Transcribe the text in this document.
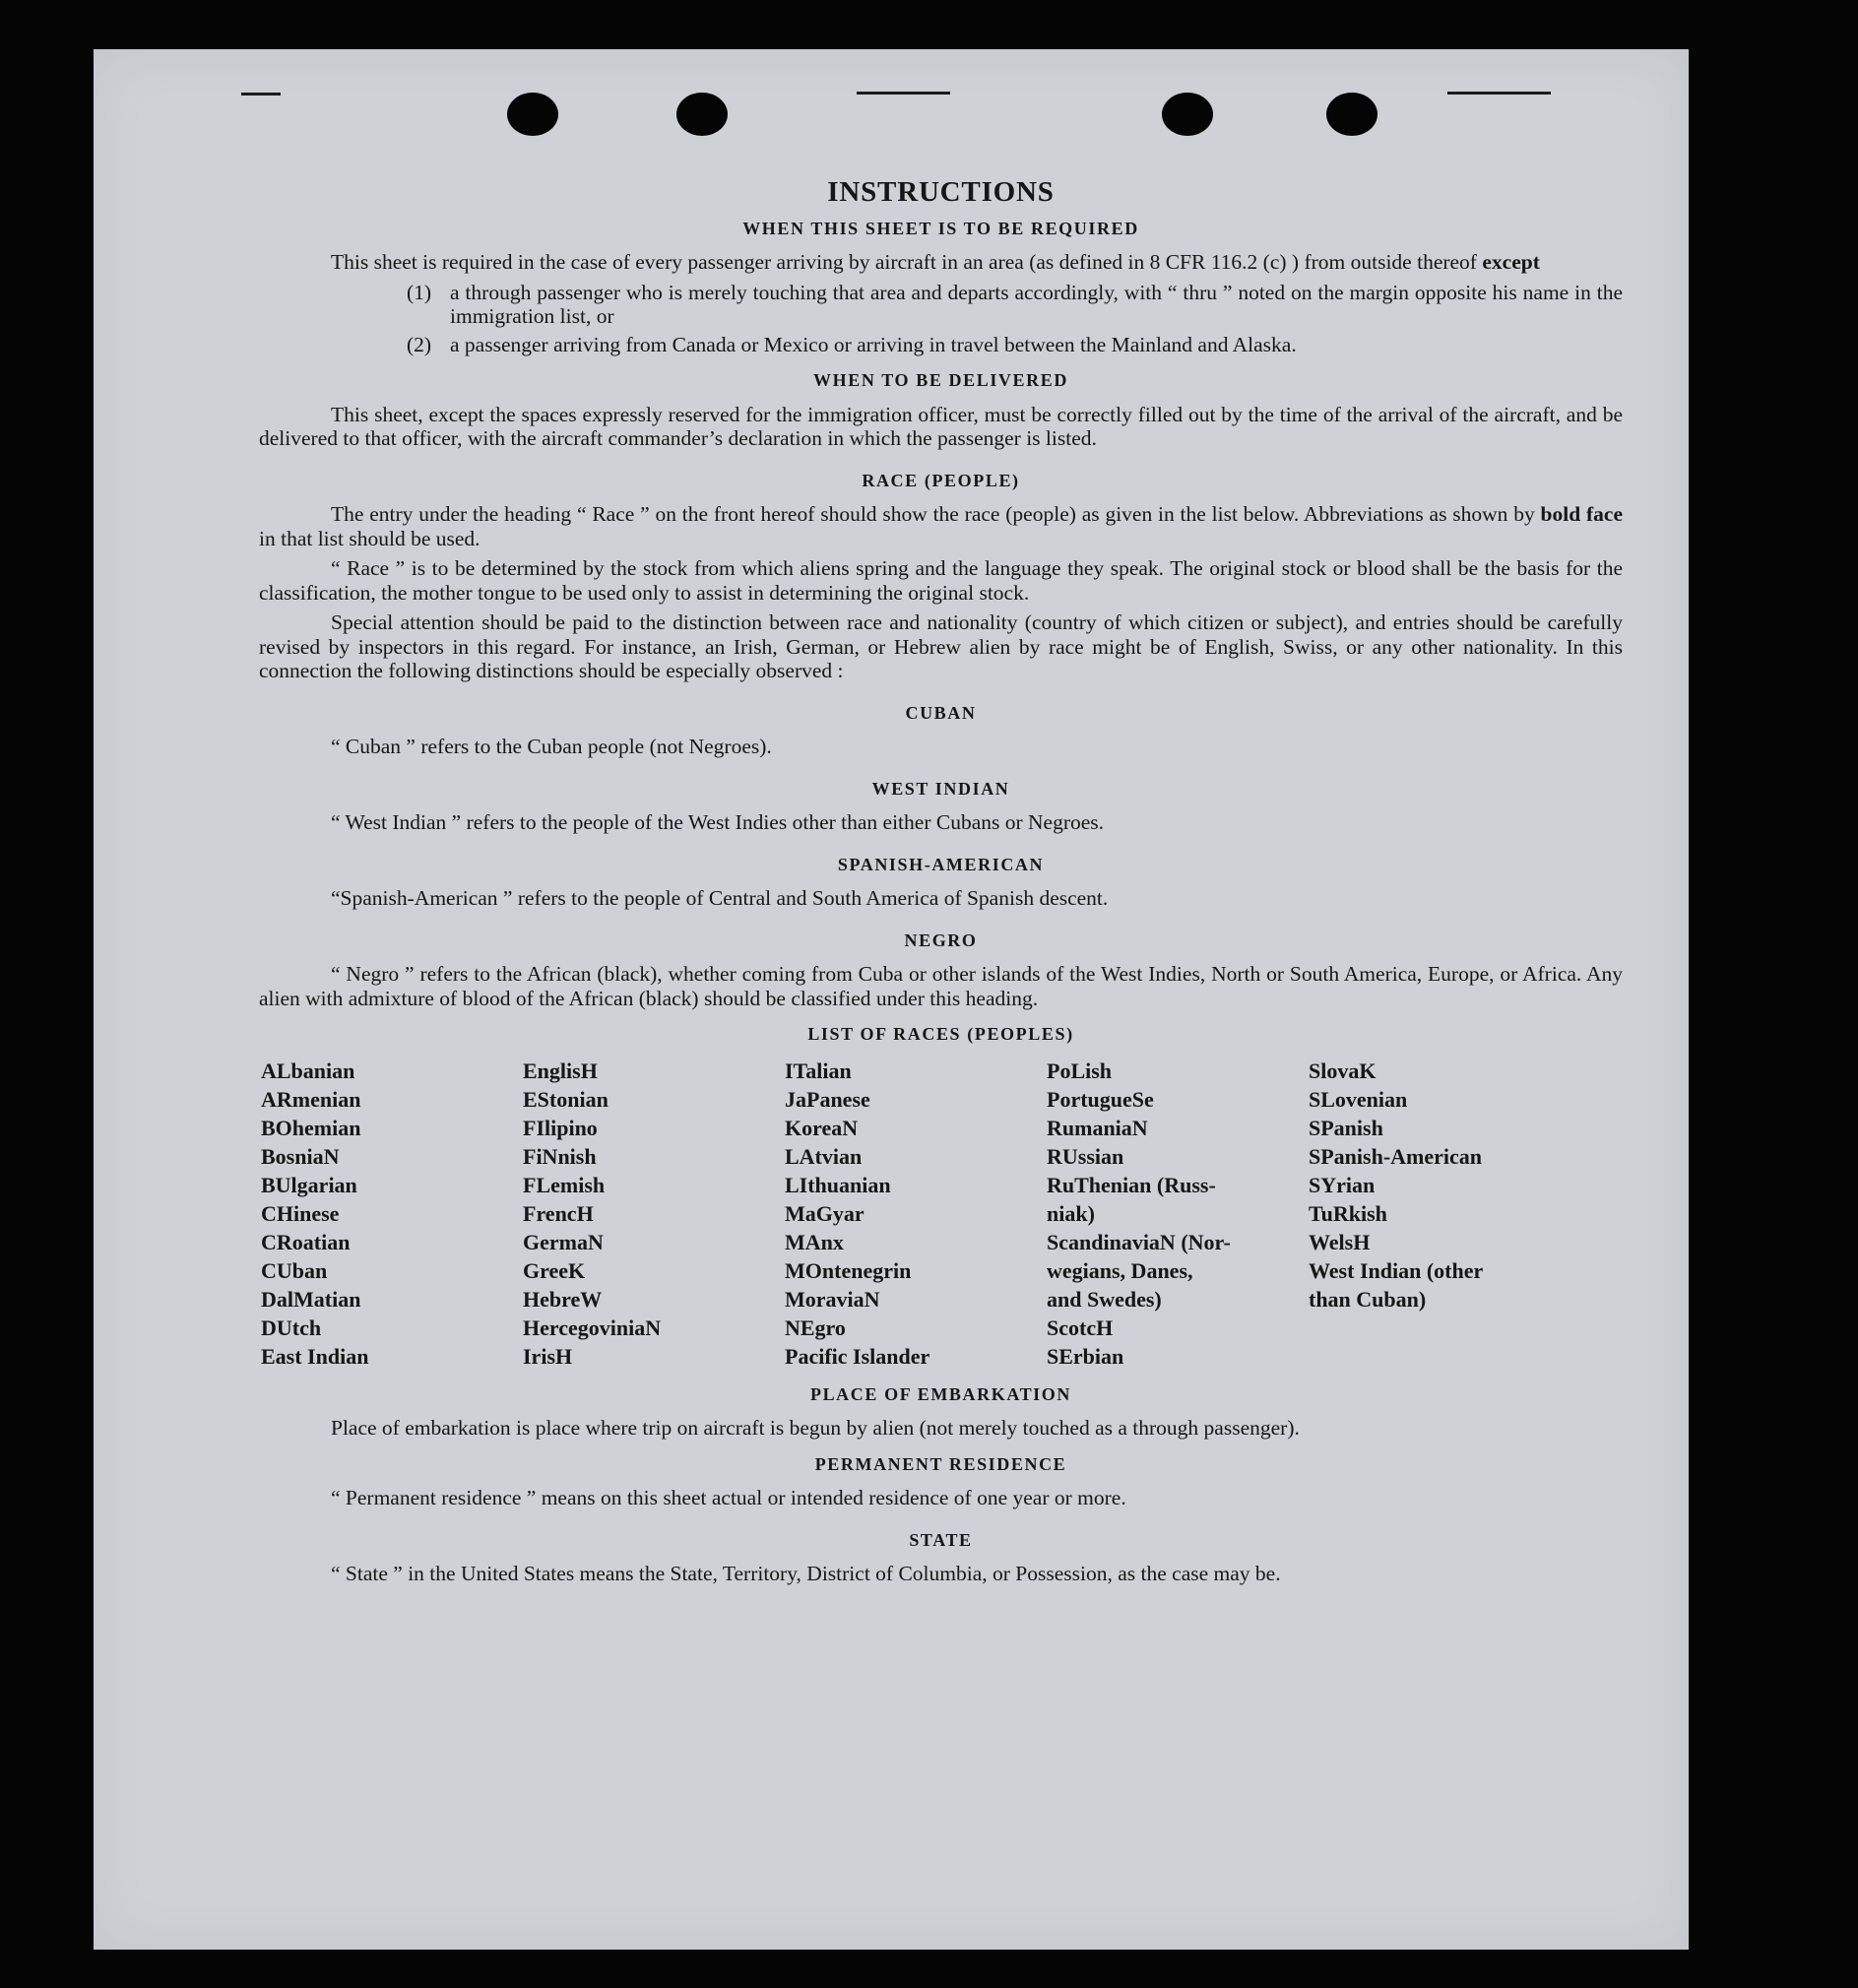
INSTRUCTIONS
WHEN THIS SHEET IS TO BE REQUIRED

This sheet is required in the case of every passenger arriving by aircraft in an area (as defined in 8 CFR 116.2 (c) ) from outside thereof except

(1) a through passenger who is merely touching that area and departs accordingly, with “ thru ” noted on the margin opposite his name in the immigration list, or
(2) a passenger arriving from Canada or Mexico or arriving in travel between the Mainland and Alaska.
WHEN TO BE DELIVERED

This sheet, except the spaces expressly reserved for the immigration officer, must be correctly filled out by the time of the arrival of the aircraft, and be delivered to that officer, with the aircraft commander’s declaration in which the passenger is listed.

RACE (PEOPLE)

The entry under the heading “ Race ” on the front hereof should show the race (people) as given in the list below. Abbreviations as shown by bold face in that list should be used.

“ Race ” is to be determined by the stock from which aliens spring and the language they speak. The original stock or blood shall be the basis for the classification, the mother tongue to be used only to assist in determining the original stock.

Special attention should be paid to the distinction between race and nationality (country of which citizen or subject), and entries should be carefully revised by inspectors in this regard. For instance, an Irish, German, or Hebrew alien by race might be of English, Swiss, or any other nationality. In this connection the following distinctions should be especially observed :

CUBAN

“ Cuban ” refers to the Cuban people (not Negroes).

WEST INDIAN

“ West Indian ” refers to the people of the West Indies other than either Cubans or Negroes.

SPANISH-AMERICAN

“Spanish-American ” refers to the people of Central and South America of Spanish descent.

NEGRO

“ Negro ” refers to the African (black), whether coming from Cuba or other islands of the West Indies, North or South America, Europe, or Africa. Any alien with admixture of blood of the African (black) should be classified under this heading.

LIST OF RACES (PEOPLES)
ALbanian
ARmenian
BOhemian
BosniaN
BUlgarian
CHinese
CRoatian
CUban
DalMatian
DUtch
East Indian
EnglisH
EStonian
FIlipino
FiNnish
FLemish
FrencH
GermaN
GreeK
HebreW
HercegoviniaN
IrisH
ITalian
JaPanese
KoreaN
LAtvian
LIthuanian
MaGyar
MAnx
MOntenegrin
MoraviaN
NEgro
Pacific Islander
PoLish
PortugueSe
RumaniaN
RUssian
RuThenian (Russ-
niak)
ScandinaviaN (Nor-
wegians, Danes,
and Swedes)
ScotcH
SErbian
SlovaK
SLovenian
SPanish
SPanish-American
SYrian
TuRkish
WelsH
West Indian (other
than Cuban)
PLACE OF EMBARKATION

Place of embarkation is place where trip on aircraft is begun by alien (not merely touched as a through passenger).

PERMANENT RESIDENCE

“ Permanent residence ” means on this sheet actual or intended residence of one year or more.

STATE

“ State ” in the United States means the State, Territory, District of Columbia, or Possession, as the case may be.
